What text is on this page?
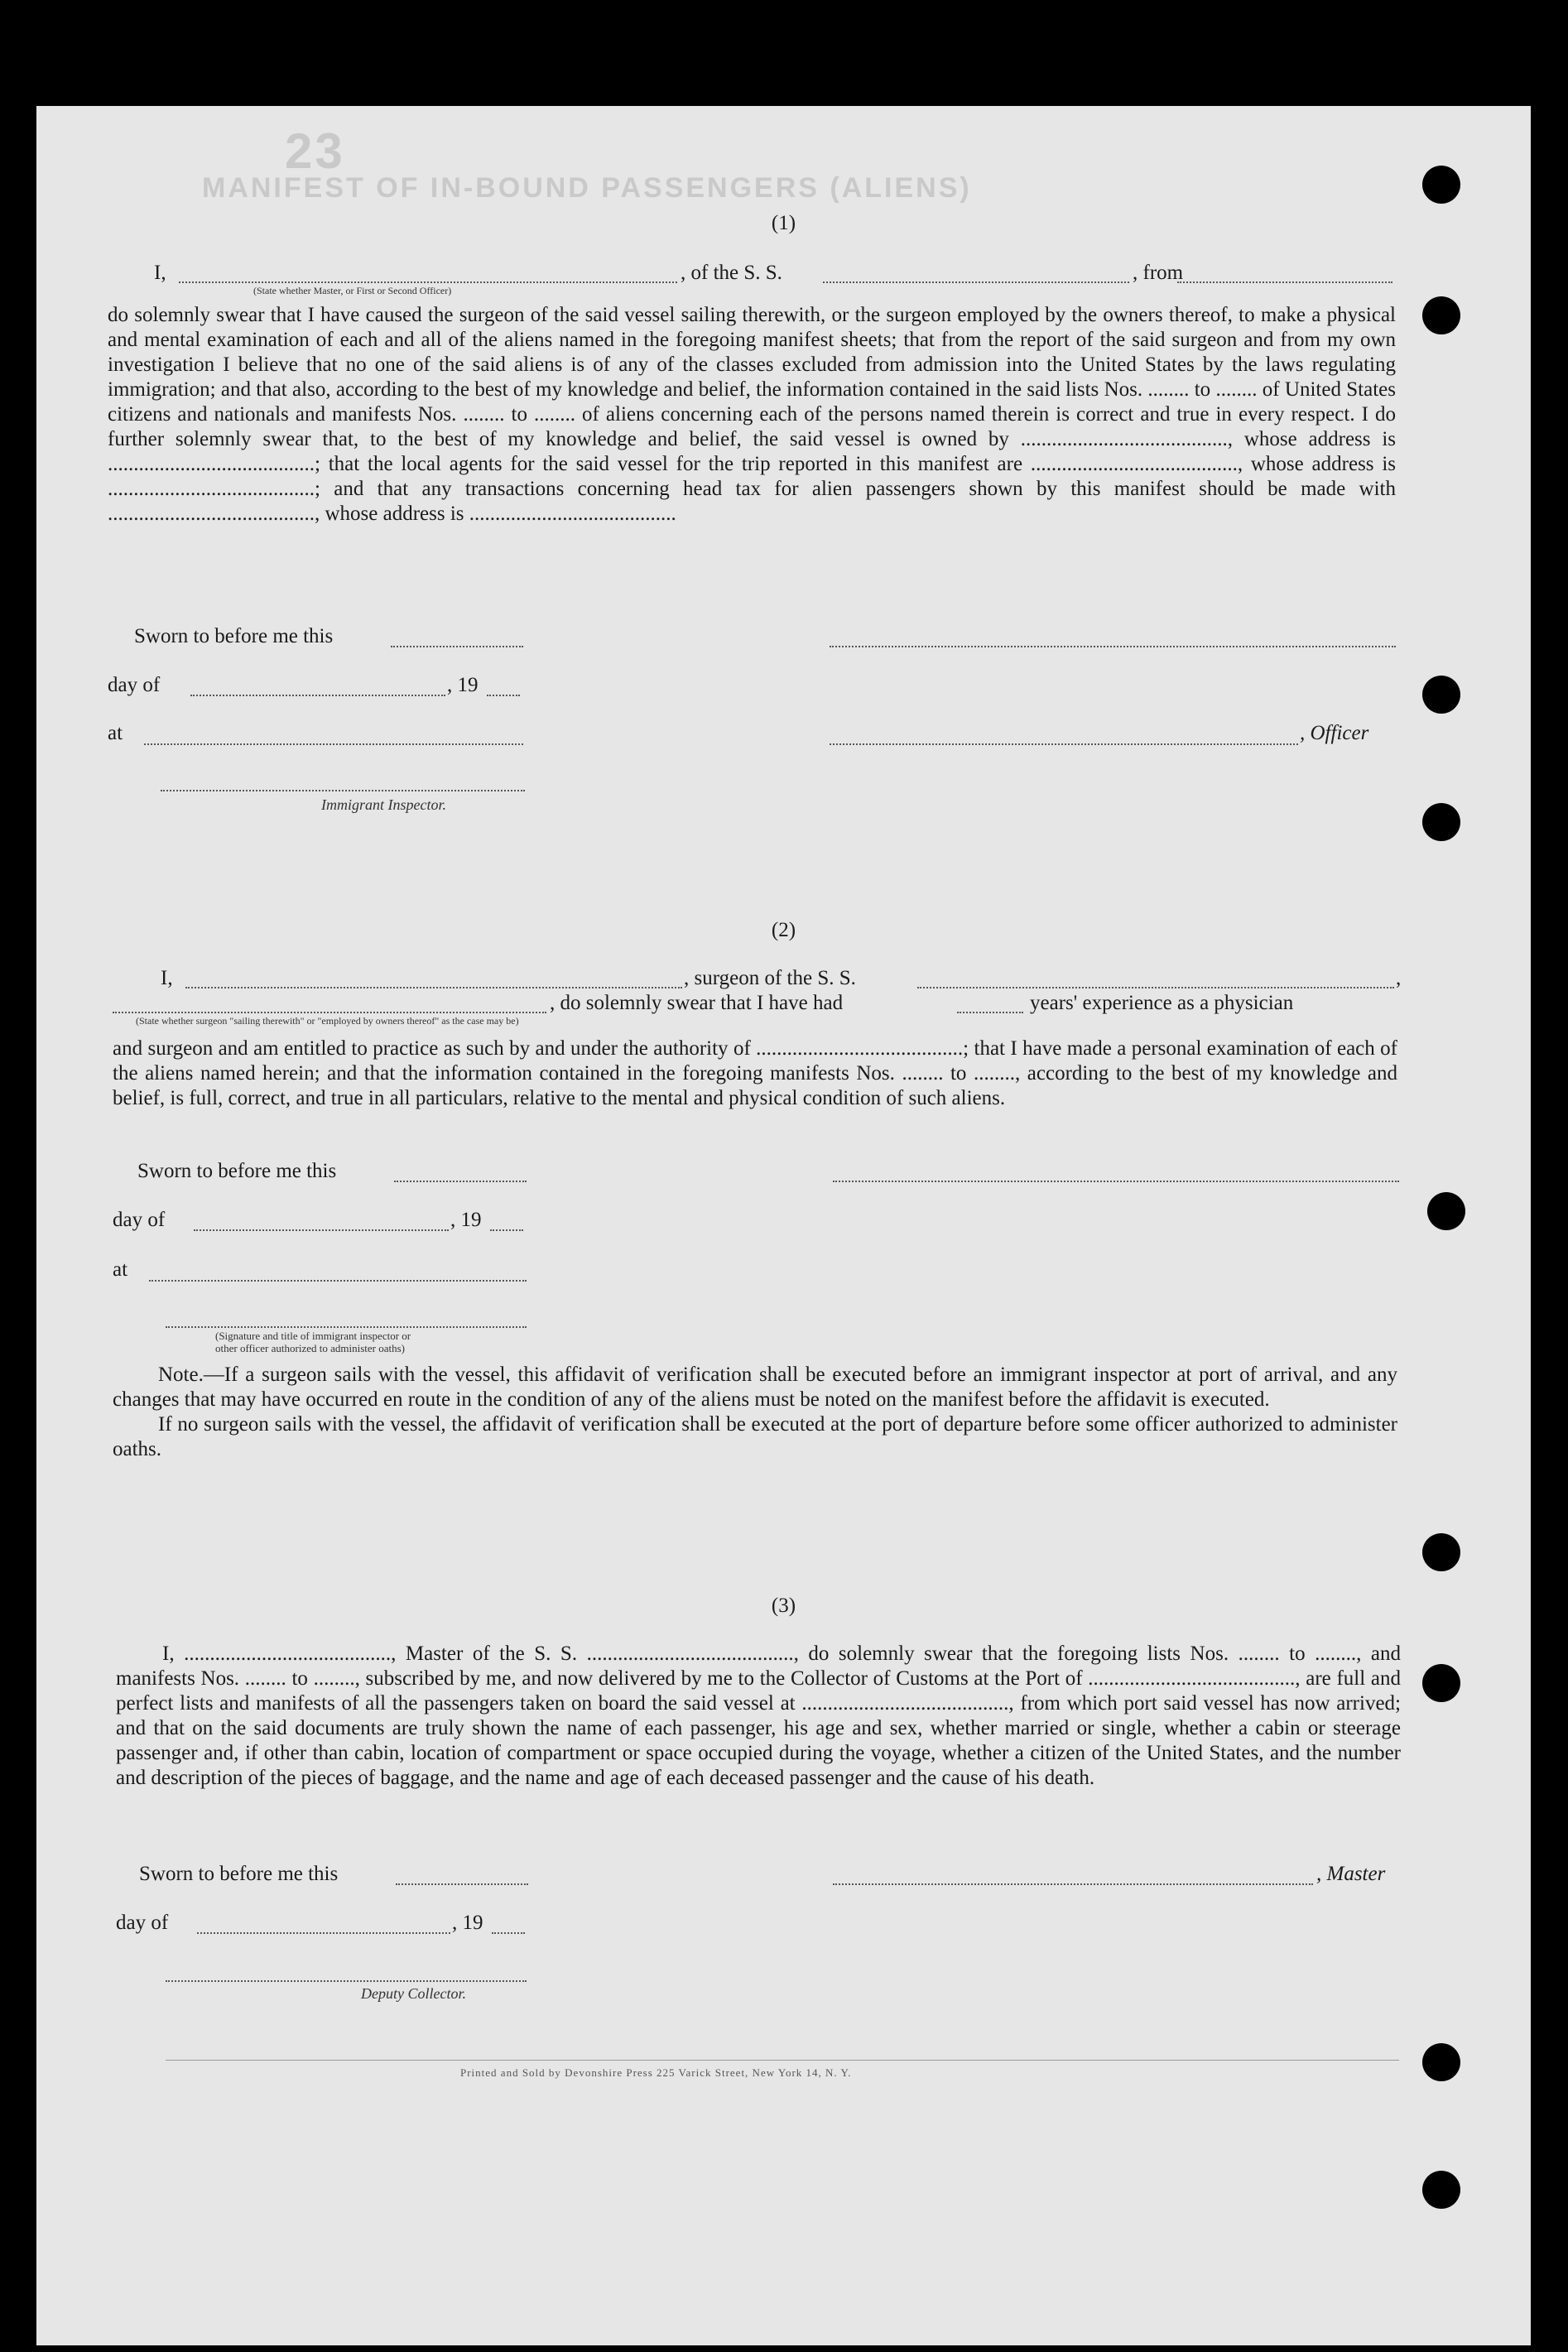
23
MANIFEST OF IN-BOUND PASSENGERS (ALIENS)
(1)
I,	, of the S. S.	, from
(State whether Master, or First or Second Officer)

do solemnly swear that I have caused the surgeon of the said vessel sailing therewith, or the surgeon employed by the owners thereof, to make a physical and mental examination of each and all of the aliens named in the foregoing manifest sheets; that from the report of the said surgeon and from my own investigation I believe that no one of the said aliens is of any of the classes excluded from admission into the United States by the laws regulating immigration; and that also, according to the best of my knowledge and belief, the information contained in the said lists Nos. ........ to ........ of United States citizens and nationals and manifests Nos. ........ to ........ of aliens concerning each of the persons named therein is correct and true in every respect. I do further solemnly swear that, to the best of my knowledge and belief, the said vessel is owned by ........................................, whose address is ........................................; that the local agents for the said vessel for the trip reported in this manifest are ........................................, whose address is ........................................; and that any transactions concerning head tax for alien passengers shown by this manifest should be made with ........................................, whose address is ........................................

Sworn to before me this
day of	, 19
at	, Officer
Immigrant Inspector.
(2)
I,	, surgeon of the S. S.	,
, do solemnly swear that I have had	years' experience as a physician
(State whether surgeon "sailing therewith" or "employed by owners thereof" as the case may be)

and surgeon and am entitled to practice as such by and under the authority of ........................................; that I have made a personal examination of each of the aliens named herein; and that the information contained in the foregoing manifests Nos. ........ to ........, according to the best of my knowledge and belief, is full, correct, and true in all particulars, relative to the mental and physical condition of such aliens.

Sworn to before me this
day of	, 19
at
(Signature and title of immigrant inspector or
other officer authorized to administer oaths)

Note.—If a surgeon sails with the vessel, this affidavit of verification shall be executed before an immigrant inspector at port of arrival, and any changes that may have occurred en route in the condition of any of the aliens must be noted on the manifest before the affidavit is executed.

If no surgeon sails with the vessel, the affidavit of verification shall be executed at the port of departure before some officer authorized to administer oaths.

(3)

I, ........................................, Master of the S. S. ........................................, do solemnly swear that the foregoing lists Nos. ........ to ........, and manifests Nos. ........ to ........, subscribed by me, and now delivered by me to the Collector of Customs at the Port of ........................................, are full and perfect lists and manifests of all the passengers taken on board the said vessel at ........................................, from which port said vessel has now arrived; and that on the said documents are truly shown the name of each passenger, his age and sex, whether married or single, whether a cabin or steerage passenger and, if other than cabin, location of compartment or space occupied during the voyage, whether a citizen of the United States, and the number and description of the pieces of baggage, and the name and age of each deceased passenger and the cause of his death.

Sworn to before me this	, Master
day of	, 19
Deputy Collector.
Printed and Sold by Devonshire Press 225 Varick Street, New York 14, N. Y.
